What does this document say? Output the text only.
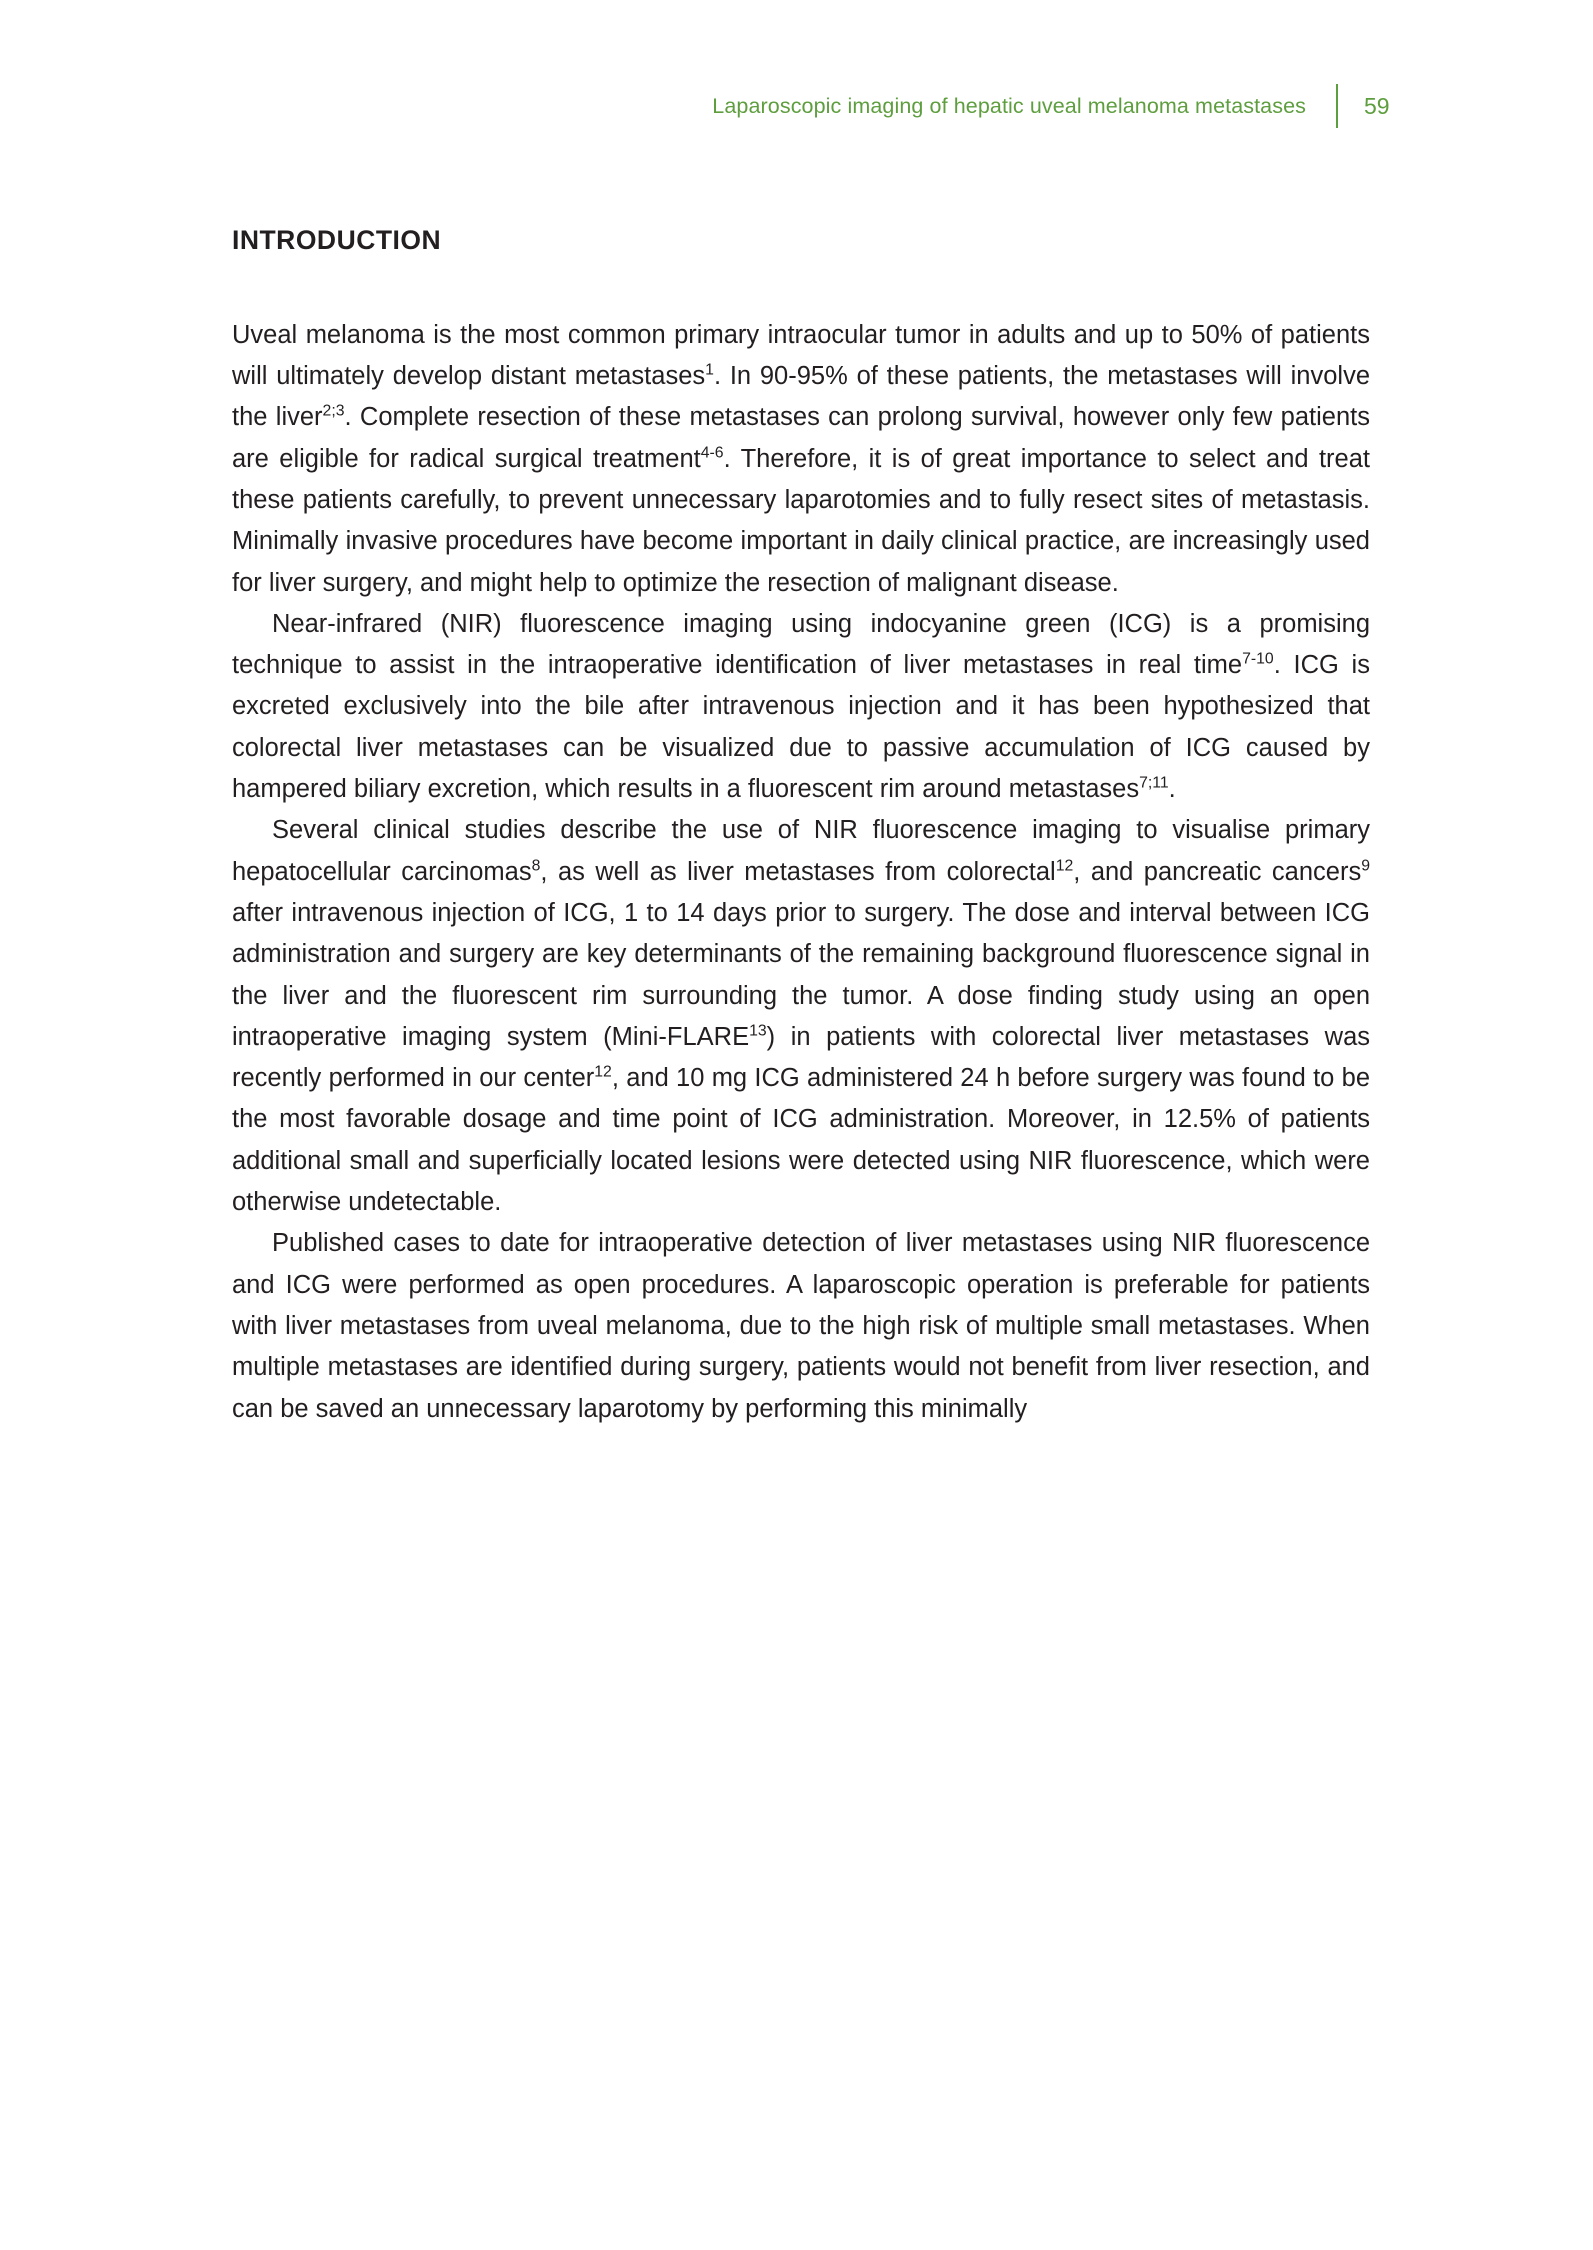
Laparoscopic imaging of hepatic uveal melanoma metastases	59
INTRODUCTION

Uveal melanoma is the most common primary intraocular tumor in adults and up to 50% of patients will ultimately develop distant metastases$^1$. In 90-95% of these patients, the metastases will involve the liver$^{2;3}$. Complete resection of these metastases can prolong survival, however only few patients are eligible for radical surgical treatment$^{4-6}$. Therefore, it is of great importance to select and treat these patients carefully, to prevent unnecessary laparotomies and to fully resect sites of metastasis. Minimally invasive procedures have become important in daily clinical practice, are increasingly used for liver surgery, and might help to optimize the resection of malignant disease.

Near-infrared (NIR) fluorescence imaging using indocyanine green (ICG) is a promising technique to assist in the intraoperative identification of liver metastases in real time$^{7-10}$. ICG is excreted exclusively into the bile after intravenous injection and it has been hypothesized that colorectal liver metastases can be visualized due to passive accumulation of ICG caused by hampered biliary excretion, which results in a fluorescent rim around metastases$^{7;11}$.

Several clinical studies describe the use of NIR fluorescence imaging to visualise primary hepatocellular carcinomas$^8$, as well as liver metastases from colorectal$^{12}$, and pancreatic cancers$^9$ after intravenous injection of ICG, 1 to 14 days prior to surgery. The dose and interval between ICG administration and surgery are key determinants of the remaining background fluorescence signal in the liver and the fluorescent rim surrounding the tumor. A dose finding study using an open intraoperative imaging system (Mini-FLARE$^{13}$) in patients with colorectal liver metastases was recently performed in our center$^{12}$, and 10 mg ICG administered 24 h before surgery was found to be the most favorable dosage and time point of ICG administration. Moreover, in 12.5% of patients additional small and superficially located lesions were detected using NIR fluorescence, which were otherwise undetectable.

Published cases to date for intraoperative detection of liver metastases using NIR fluorescence and ICG were performed as open procedures. A laparoscopic operation is preferable for patients with liver metastases from uveal melanoma, due to the high risk of multiple small metastases. When multiple metastases are identified during surgery, patients would not benefit from liver resection, and can be saved an unnecessary laparotomy by performing this minimally
